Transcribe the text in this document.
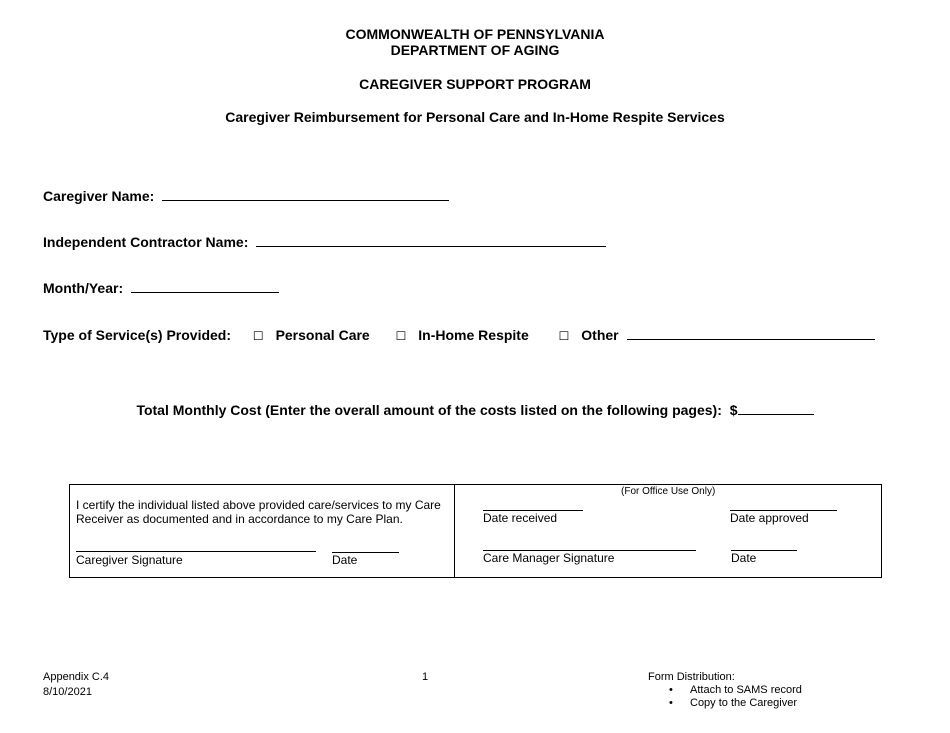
COMMONWEALTH OF PENNSYLVANIA
DEPARTMENT OF AGING
CAREGIVER SUPPORT PROGRAM
Caregiver Reimbursement for Personal Care and In-Home Respite Services
Caregiver Name:
Independent Contractor Name:
Month/Year:
Type of Service(s) Provided: ☐ Personal Care ☐ In-Home Respite ☐ Other
Total Monthly Cost (Enter the overall amount of the costs listed on the following pages): $
I certify the individual listed above provided care/services to my Care Receiver as documented and in accordance to my Care Plan.
Caregiver Signature	Date
(For Office Use Only)
Date received	Date approved
Care Manager Signature	Date
Appendix C.4
8/10/2021
1	Form Distribution:
• Attach to SAMS record
• Copy to the Caregiver
